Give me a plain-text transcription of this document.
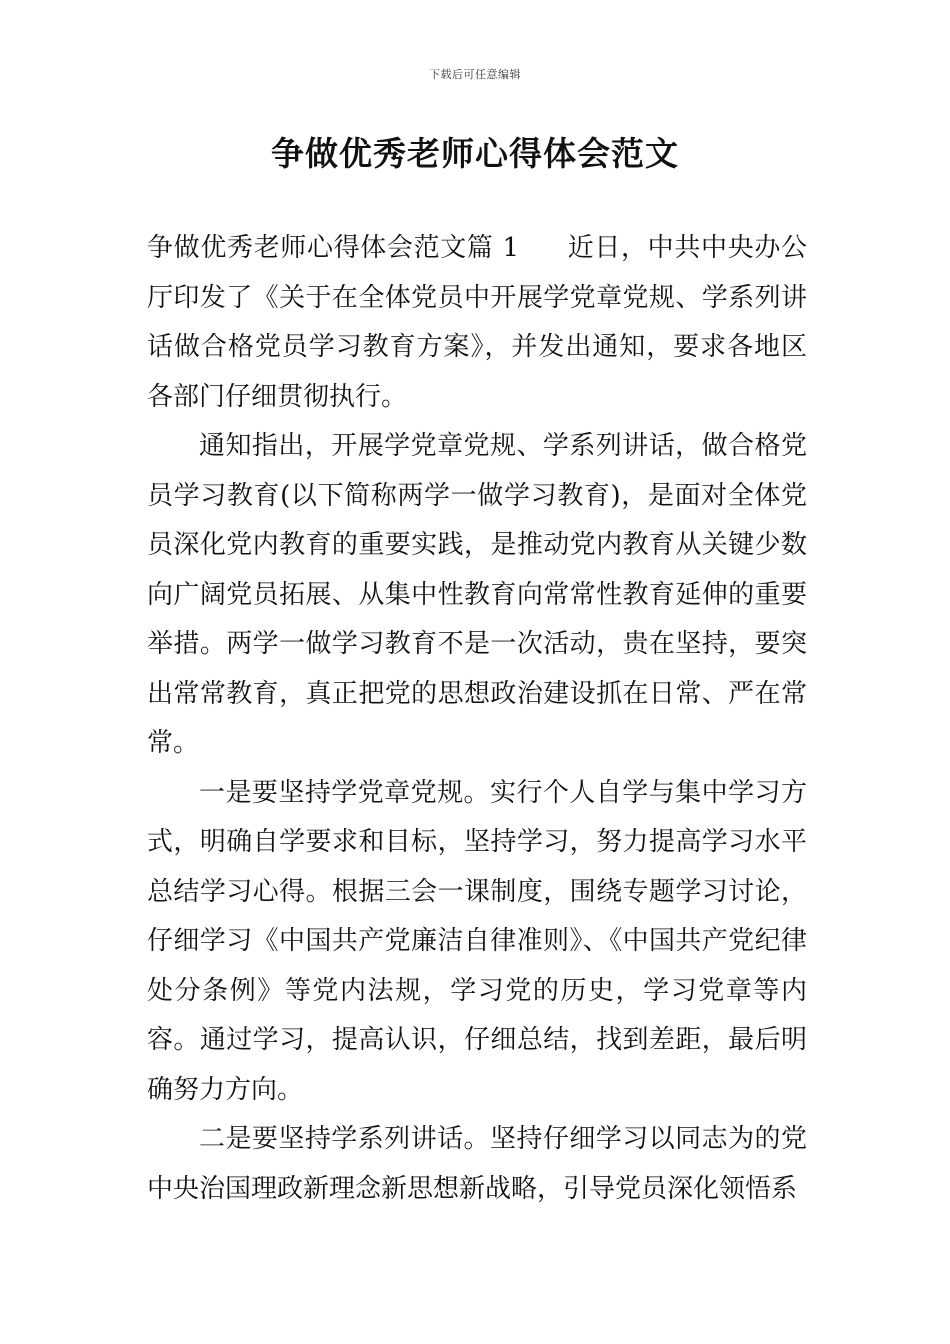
下载后可任意编辑
争做优秀老师心得体会范文

争做优秀老师心得体会范文篇 1 近日，中共中央办公厅印发了《关于在全体党员中开展学党章党规、学系列讲话做合格党员学习教育方案》，并发出通知，要求各地区各部门仔细贯彻执行。

通知指出，开展学党章党规、学系列讲话，做合格党员学习教育(以下简称两学一做学习教育)，是面对全体党员深化党内教育的重要实践，是推动党内教育从关键少数向广阔党员拓展、从集中性教育向常常性教育延伸的重要举措。两学一做学习教育不是一次活动，贵在坚持，要突出常常教育，真正把党的思想政治建设抓在日常、严在常常。

一是要坚持学党章党规。实行个人自学与集中学习方式，明确自学要求和目标，坚持学习，努力提高学习水平总结学习心得。根据三会一课制度，围绕专题学习讨论，仔细学习《中国共产党廉洁自律准则》、《中国共产党纪律处分条例》等党内法规，学习党的历史，学习党章等内容。通过学习，提高认识，仔细总结，找到差距，最后明确努力方向。

二是要坚持学系列讲话。坚持仔细学习以同志为的党中央治国理政新理念新思想新战略，引导党员深化领悟系
